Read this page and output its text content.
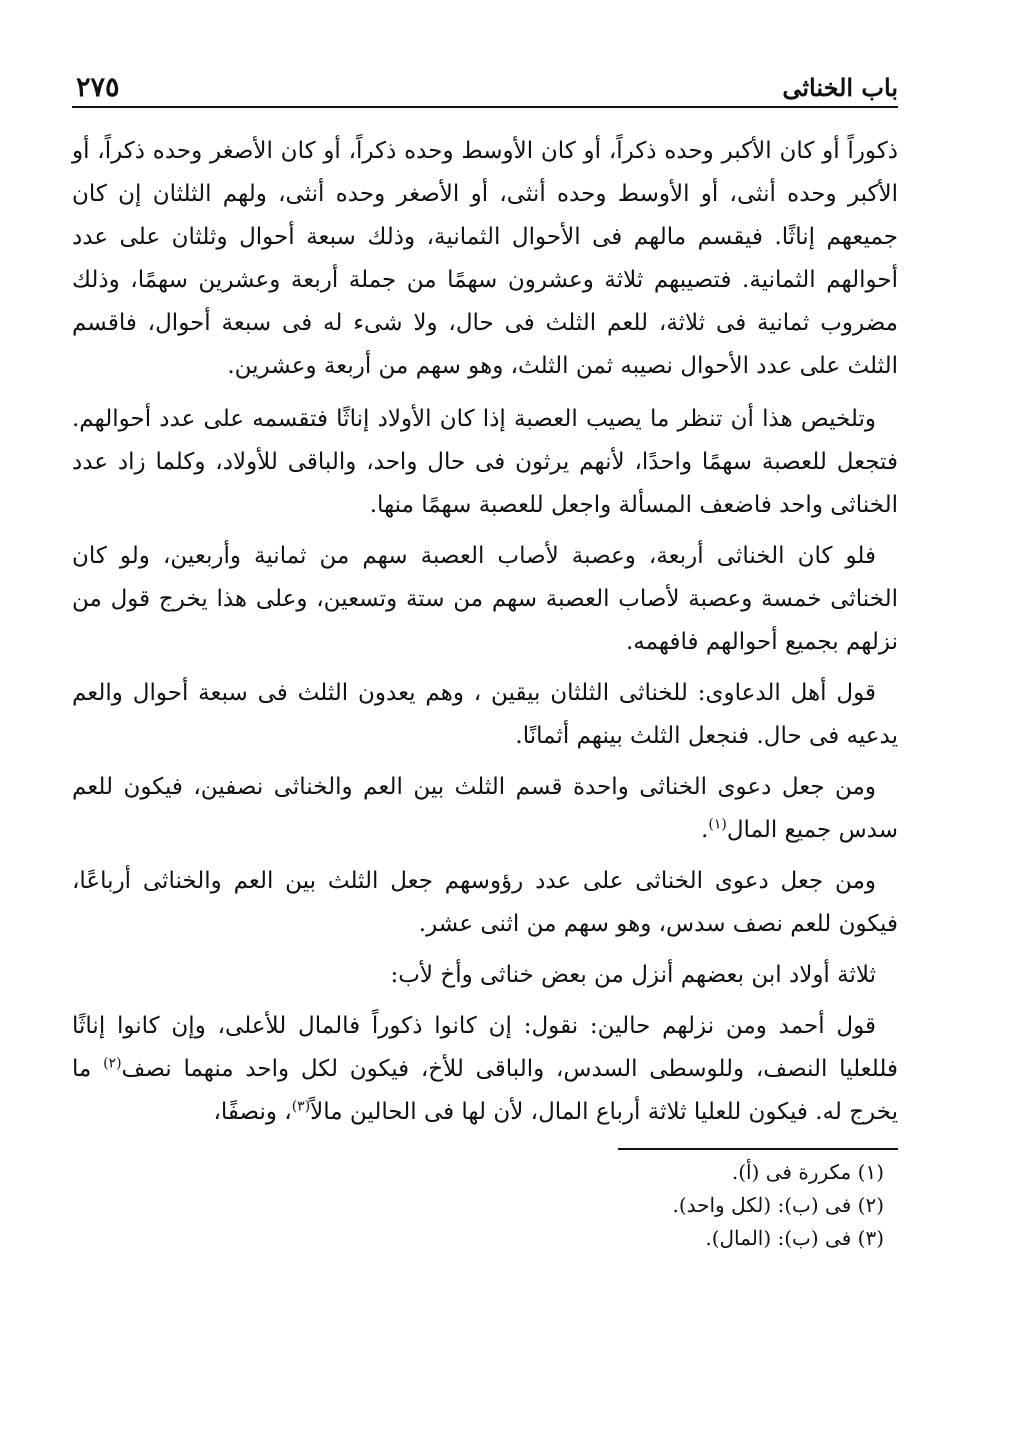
باب الخناثى
٢٧٥

ذكوراً أو كان الأكبر وحده ذكراً، أو كان الأوسط وحده ذكراً، أو كان الأصغر وحده ذكراً، أو الأكبر وحده أنثى، أو الأوسط وحده أنثى، أو الأصغر وحده أنثى، ولهم الثلثان إن كان جميعهم إناثًا. فيقسم مالهم فى الأحوال الثمانية، وذلك سبعة أحوال وثلثان على عدد أحوالهم الثمانية. فتصيبهم ثلاثة وعشرون سهمًا من جملة أربعة وعشرين سهمًا، وذلك مضروب ثمانية فى ثلاثة، للعم الثلث فى حال، ولا شىء له فى سبعة أحوال، فاقسم الثلث على عدد الأحوال نصيبه ثمن الثلث، وهو سهم من أربعة وعشرين.

وتلخيص هذا أن تنظر ما يصيب العصبة إذا كان الأولاد إناثًا فتقسمه على عدد أحوالهم. فتجعل للعصبة سهمًا واحدًا، لأنهم يرثون فى حال واحد، والباقى للأولاد، وكلما زاد عدد الخناثى واحد فاضعف المسألة واجعل للعصبة سهمًا منها.

فلو كان الخناثى أربعة، وعصبة لأصاب العصبة سهم من ثمانية وأربعين، ولو كان الخناثى خمسة وعصبة لأصاب العصبة سهم من ستة وتسعين، وعلى هذا يخرج قول من نزلهم بجميع أحوالهم فافهمه.

قول أهل الدعاوى: للخناثى الثلثان بيقين ، وهم يعدون الثلث فى سبعة أحوال والعم يدعيه فى حال. فنجعل الثلث بينهم أثمانًا.

ومن جعل دعوى الخناثى واحدة قسم الثلث بين العم والخناثى نصفين، فيكون للعم سدس جميع المال$^{(١)}$.

ومن جعل دعوى الخناثى على عدد رؤوسهم جعل الثلث بين العم والخناثى أرباعًا، فيكون للعم نصف سدس، وهو سهم من اثنى عشر.

ثلاثة أولاد ابن بعضهم أنزل من بعض خناثى وأخ لأب:

قول أحمد ومن نزلهم حالين: نقول: إن كانوا ذكوراً فالمال للأعلى، وإن كانوا إناثًا فللعليا النصف، وللوسطى السدس، والباقى للأخ، فيكون لكل واحد منهما نصف$^{(٢)}$ ما يخرج له. فيكون للعليا ثلاثة أرباع المال، لأن لها فى الحالين مالاً$^{(٣)}$، ونصفًا،

(١) مكررة فى (أ).
(٢) فى (ب): (لكل واحد).
(٣) فى (ب): (المال).
